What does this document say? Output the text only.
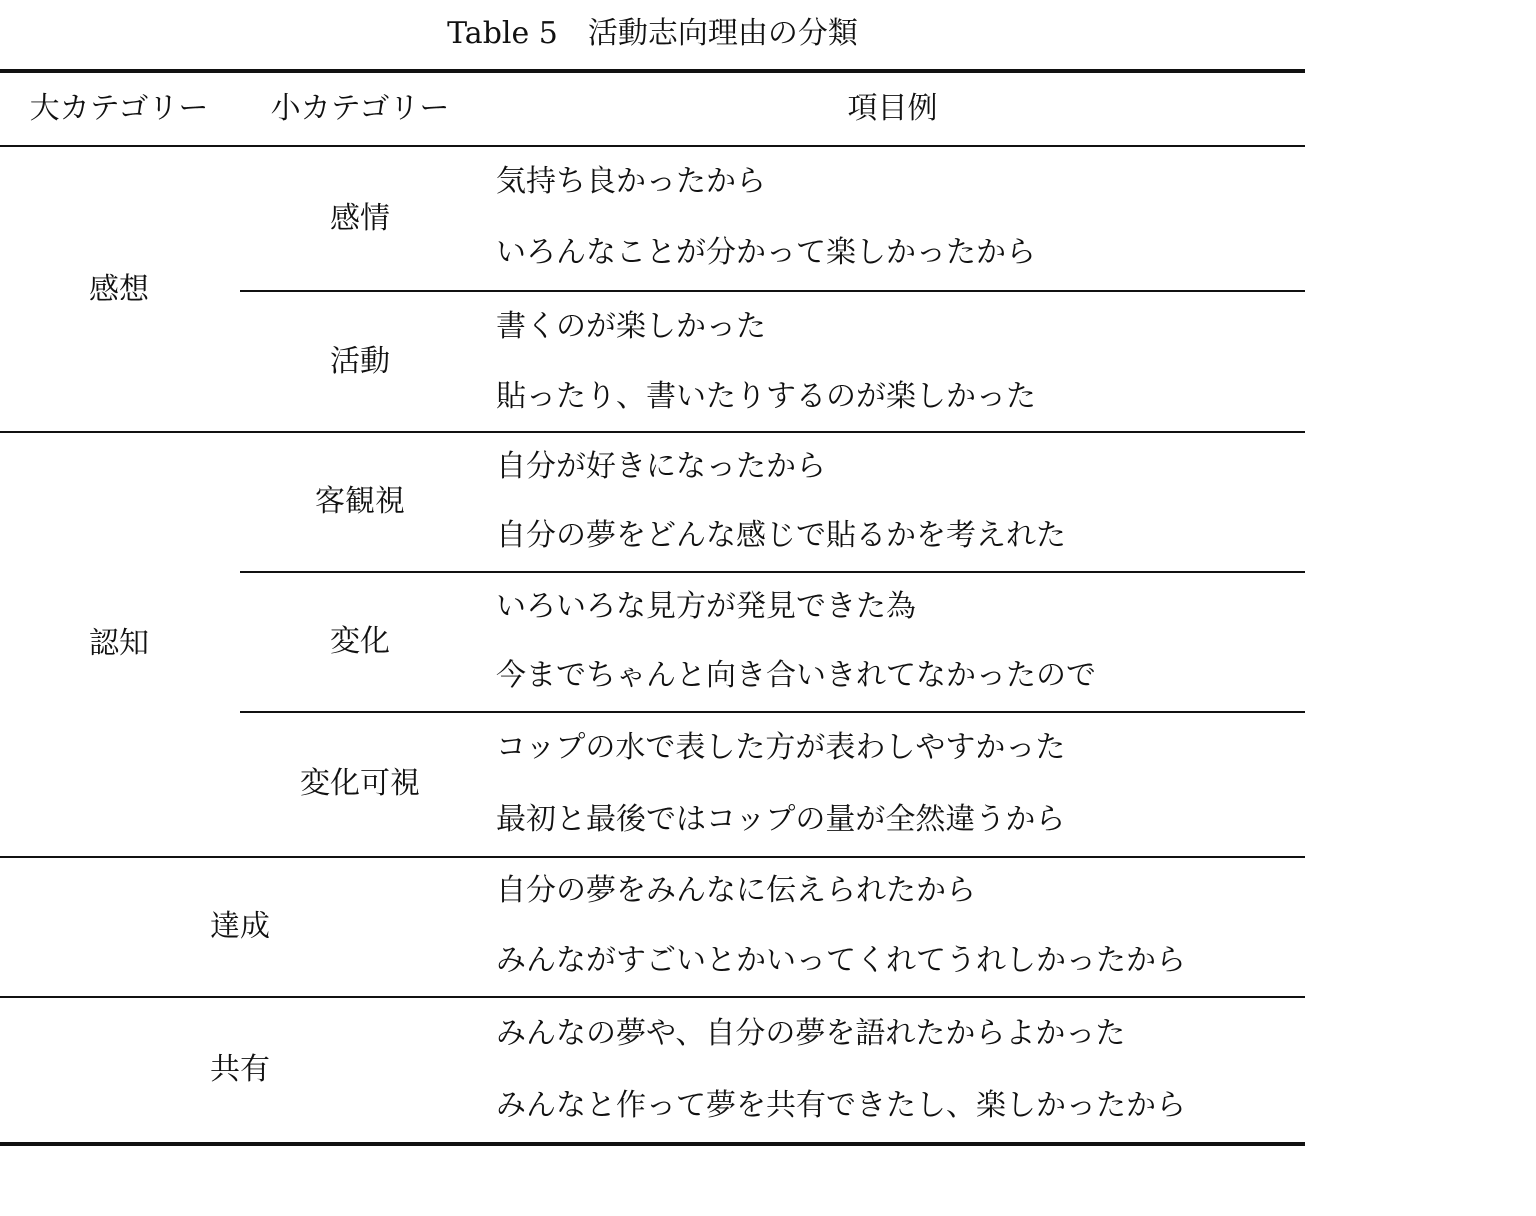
Table 5　活動志向理由の分類
大カテゴリー	小カテゴリー	項目例
感想
感情
気持ち良かったから
いろんなことが分かって楽しかったから
活動
書くのが楽しかった
貼ったり、書いたりするのが楽しかった
認知
客観視
自分が好きになったから
自分の夢をどんな感じで貼るかを考えれた
変化
いろいろな見方が発見できた為
今までちゃんと向き合いきれてなかったので
変化可視
コップの水で表した方が表わしやすかった
最初と最後ではコップの量が全然違うから
達成
自分の夢をみんなに伝えられたから
みんながすごいとかいってくれてうれしかったから
共有
みんなの夢や、自分の夢を語れたからよかった
みんなと作って夢を共有できたし、楽しかったから
